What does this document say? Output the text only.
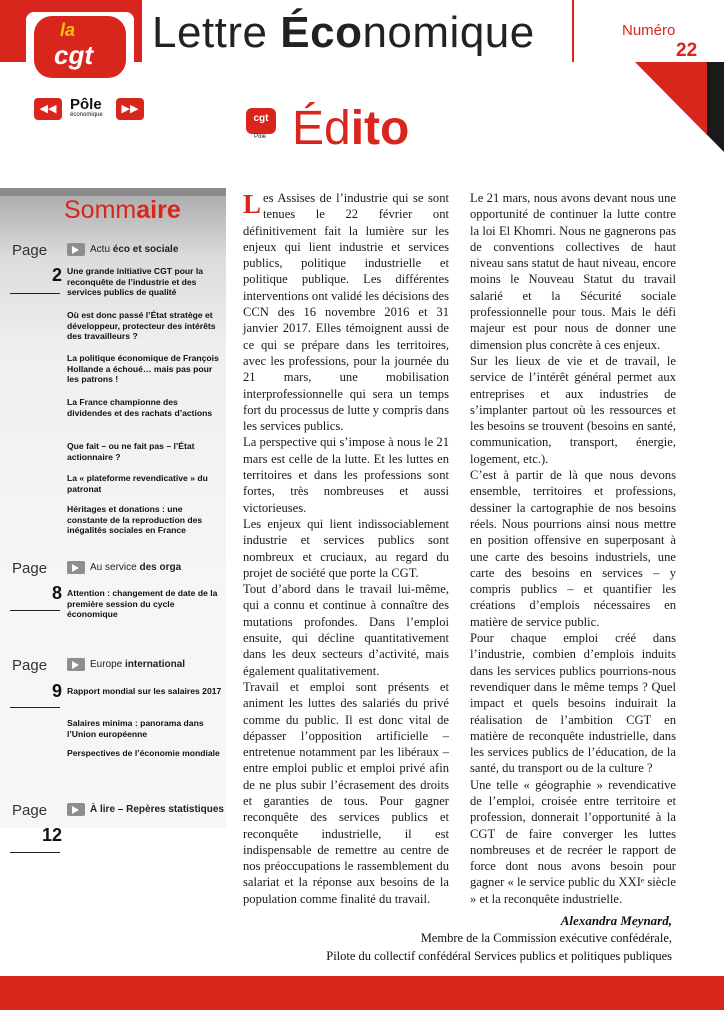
Lettre Économique	Numéro
22
mars 2017
la
cgt
◀◀	▶▶
Pôle
économique	cgt
Pôle Édito
Sommaire
Page	Actu éco et sociale
2 Une grande initiative CGT pour la reconquête de l’industrie et des services publics de qualité
Où est donc passé l’État stratège et développeur, protecteur des intérêts des travailleurs ?
La politique économique de François Hollande a échoué… mais pas pour les patrons !
La France championne des dividendes et des rachats d’actions
Que fait – ou ne fait pas – l’État actionnaire ?
La « plateforme revendicative » du patronat
Héritages et donations : une constante de la reproduction des inégalités sociales en France
Page	Au service des orga
8 Attention : changement de date de la première session du cycle économique
Page	Europe international
9 Rapport mondial sur les salaires 2017
Salaires minima : panorama dans l’Union européenne
Perspectives de l’économie mondiale
Page	À lire – Repères statistiques
12

Les Assises de l’industrie qui se sont tenues le 22 février ont définitivement fait la lumière sur les enjeux qui lient industrie et services publics, politique industrielle et politique publique. Les différentes interventions ont validé les décisions des CCN des 16 novembre 2016 et 31 janvier 2017. Elles témoignent aussi de ce qui se prépare dans les territoires, avec les professions, pour la journée du 21 mars, une mobilisation interprofessionnelle qui sera un temps fort du processus de lutte y compris dans les services publics.

La perspective qui s’impose à nous le 21 mars est celle de la lutte. Et les luttes en territoires et dans les professions sont fortes, très nombreuses et aussi victorieuses.

Les enjeux qui lient indissociablement industrie et services publics sont nombreux et cruciaux, au regard du projet de société que porte la CGT.

Tout d’abord dans le travail lui-même, qui a connu et continue à connaître des mutations profondes. Dans l’emploi ensuite, qui décline quantitativement dans les deux secteurs d’activité, mais également qualitativement.

Travail et emploi sont présents et animent les luttes des salariés du privé comme du public. Il est donc vital de dépasser l’opposition artificielle – entretenue notamment par les libéraux – entre emploi public et emploi privé afin de ne plus subir l’écrasement des droits et garanties de tous. Pour gagner reconquête des services publics et reconquête industrielle, il est indispensable de remettre au centre de nos préoccupations le rassemblement du salariat et la réponse aux besoins de la population comme finalité du travail.

Le 21 mars, nous avons devant nous une opportunité de continuer la lutte contre la loi El Khomri. Nous ne gagnerons pas de conventions collectives de haut niveau sans statut de haut niveau, encore moins le Nouveau Statut du travail salarié et la Sécurité sociale professionnelle pour tous. Mais le défi majeur est pour nous de donner une dimension plus concrète à ces enjeux.

Sur les lieux de vie et de travail, le service de l’intérêt général permet aux entreprises et aux industries de s’implanter partout où les ressources et les besoins se trouvent (besoins en santé, communication, transport, énergie, logement, etc.).

C’est à partir de là que nous devons ensemble, territoires et professions, dessiner la cartographie de nos besoins réels. Nous pourrions ainsi nous mettre en position offensive en superposant à une carte des besoins industriels, une carte des besoins en services – y compris publics – et quantifier les créations d’emplois nécessaires en matière de service public.

Pour chaque emploi créé dans l’industrie, combien d’emplois induits dans les services publics pourrions-nous revendiquer dans le même temps ? Quel impact et quels besoins induirait la réalisation de l’ambition CGT en matière de reconquête industrielle, dans les services publics de l’éducation, de la santé, du transport ou de la culture ?

Une telle « géographie » revendicative de l’emploi, croisée entre territoire et profession, donnerait l’opportunité à la CGT de faire converger les luttes nombreuses et de recréer le rapport de force dont nous avons besoin pour gagner « le service public du XXIᵉ siècle » et la reconquête industrielle.

Alexandra Meynard,
Membre de la Commission exécutive confédérale,
Pilote du collectif confédéral Services publics et politiques publiques
